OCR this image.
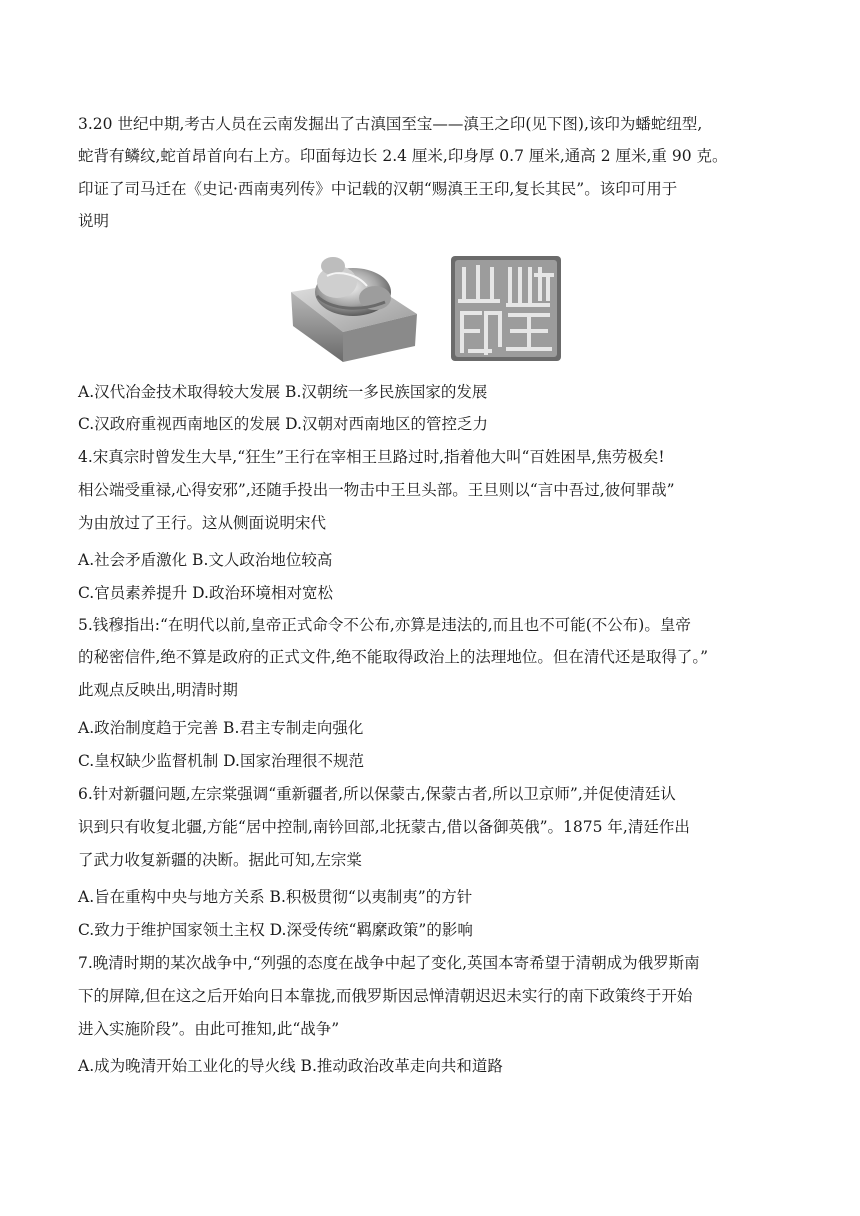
3.20 世纪中期,考古人员在云南发掘出了古滇国至宝——滇王之印(见下图),该印为蟠蛇纽型,
蛇背有鳞纹,蛇首昂首向右上方。印面每边长 2.4 厘米,印身厚 0.7 厘米,通高 2 厘米,重 90 克。
印证了司马迁在《史记·西南夷列传》中记载的汉朝“赐滇王王印,复长其民”。该印可用于
说明
A.汉代冶金技术取得较大发展 B.汉朝统一多民族国家的发展
C.汉政府重视西南地区的发展 D.汉朝对西南地区的管控乏力
4.宋真宗时曾发生大旱,“狂生”王行在宰相王旦路过时,指着他大叫“百姓困旱,焦劳极矣!
相公端受重禄,心得安邪”,还随手投出一物击中王旦头部。王旦则以“言中吾过,彼何罪哉”
为由放过了王行。这从侧面说明宋代
A.社会矛盾激化 B.文人政治地位较高
C.官员素养提升 D.政治环境相对宽松
5.钱穆指出:“在明代以前,皇帝正式命令不公布,亦算是违法的,而且也不可能(不公布)。皇帝
的秘密信件,绝不算是政府的正式文件,绝不能取得政治上的法理地位。但在清代还是取得了。”
此观点反映出,明清时期
A.政治制度趋于完善 B.君主专制走向强化
C.皇权缺少监督机制 D.国家治理很不规范
6.针对新疆问题,左宗棠强调“重新疆者,所以保蒙古,保蒙古者,所以卫京师”,并促使清廷认
识到只有收复北疆,方能“居中控制,南钤回部,北抚蒙古,借以备御英俄”。1875 年,清廷作出
了武力收复新疆的决断。据此可知,左宗棠
A.旨在重构中央与地方关系 B.积极贯彻“以夷制夷”的方针
C.致力于维护国家领土主权 D.深受传统“羁縻政策”的影响
7.晚清时期的某次战争中,“列强的态度在战争中起了变化,英国本寄希望于清朝成为俄罗斯南
下的屏障,但在这之后开始向日本靠拢,而俄罗斯因忌惮清朝迟迟未实行的南下政策终于开始
进入实施阶段”。由此可推知,此“战争”
A.成为晚清开始工业化的导火线 B.推动政治改革走向共和道路
